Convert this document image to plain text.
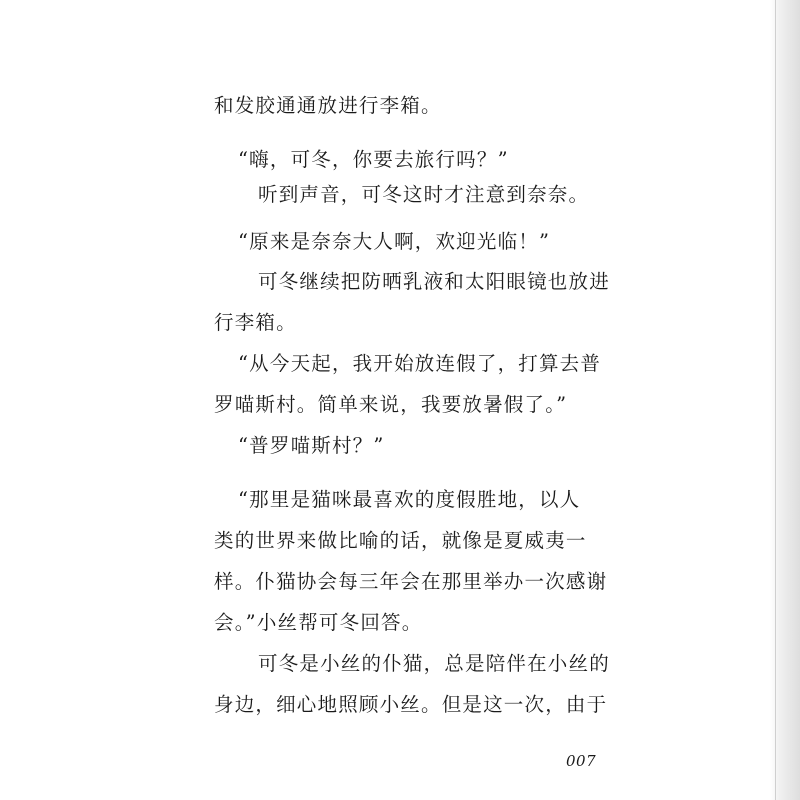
和发胶通通放进行李箱。
“嗨，可冬，你要去旅行吗？”
听到声音，可冬这时才注意到奈奈。
“原来是奈奈大人啊，欢迎光临！”
可冬继续把防晒乳液和太阳眼镜也放进
行李箱。
“从今天起，我开始放连假了，打算去普
罗喵斯村。简单来说，我要放暑假了。”
“普罗喵斯村？”
“那里是猫咪最喜欢的度假胜地，以人
类的世界来做比喻的话，就像是夏威夷一
样。仆猫协会每三年会在那里举办一次感谢
会。”小丝帮可冬回答。
可冬是小丝的仆猫，总是陪伴在小丝的
身边，细心地照顾小丝。但是这一次，由于
007
